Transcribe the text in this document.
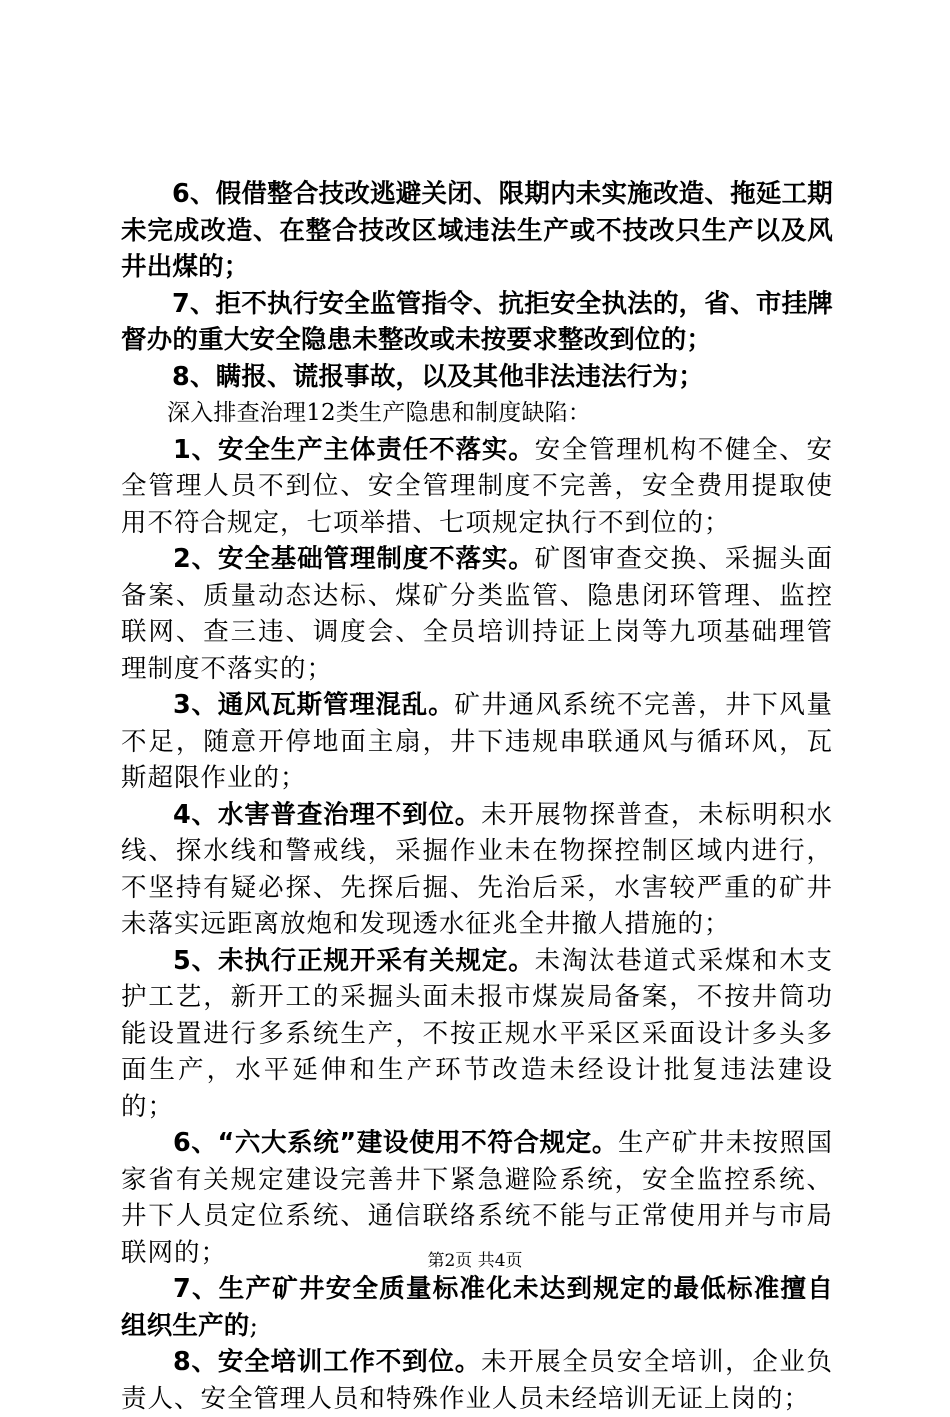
6、假借整合技改逃避关闭、限期内未实施改造、拖延工期未完成改造、在整合技改区域违法生产或不技改只生产以及风井出煤的；

7、拒不执行安全监管指令、抗拒安全执法的，省、市挂牌督办的重大安全隐患未整改或未按要求整改到位的；

8、瞒报、谎报事故，以及其他非法违法行为；

深入排查治理12类生产隐患和制度缺陷：

1、安全生产主体责任不落实。安全管理机构不健全、安全管理人员不到位、安全管理制度不完善，安全费用提取使用不符合规定，七项举措、七项规定执行不到位的；

2、安全基础管理制度不落实。矿图审查交换、采掘头面备案、质量动态达标、煤矿分类监管、隐患闭环管理、监控联网、查三违、调度会、全员培训持证上岗等九项基础理管理制度不落实的；

3、通风瓦斯管理混乱。矿井通风系统不完善，井下风量不足，随意开停地面主扇，井下违规串联通风与循环风，瓦斯超限作业的；

4、水害普查治理不到位。未开展物探普查，未标明积水线、探水线和警戒线，采掘作业未在物探控制区域内进行，不坚持有疑必探、先探后掘、先治后采，水害较严重的矿井未落实远距离放炮和发现透水征兆全井撤人措施的；

5、未执行正规开采有关规定。未淘汰巷道式采煤和木支护工艺，新开工的采掘头面未报市煤炭局备案，不按井筒功能设置进行多系统生产，不按正规水平采区采面设计多头多面生产，水平延伸和生产环节改造未经设计批复违法建设的；

6、“六大系统”建设使用不符合规定。生产矿井未按照国家省有关规定建设完善井下紧急避险系统，安全监控系统、井下人员定位系统、通信联络系统不能与正常使用并与市局联网的；

7、生产矿井安全质量标准化未达到规定的最低标准擅自组织生产的;

8、安全培训工作不到位。未开展全员安全培训，企业负责人、安全管理人员和特殊作业人员未经培训无证上岗的；

第2页 共4页
